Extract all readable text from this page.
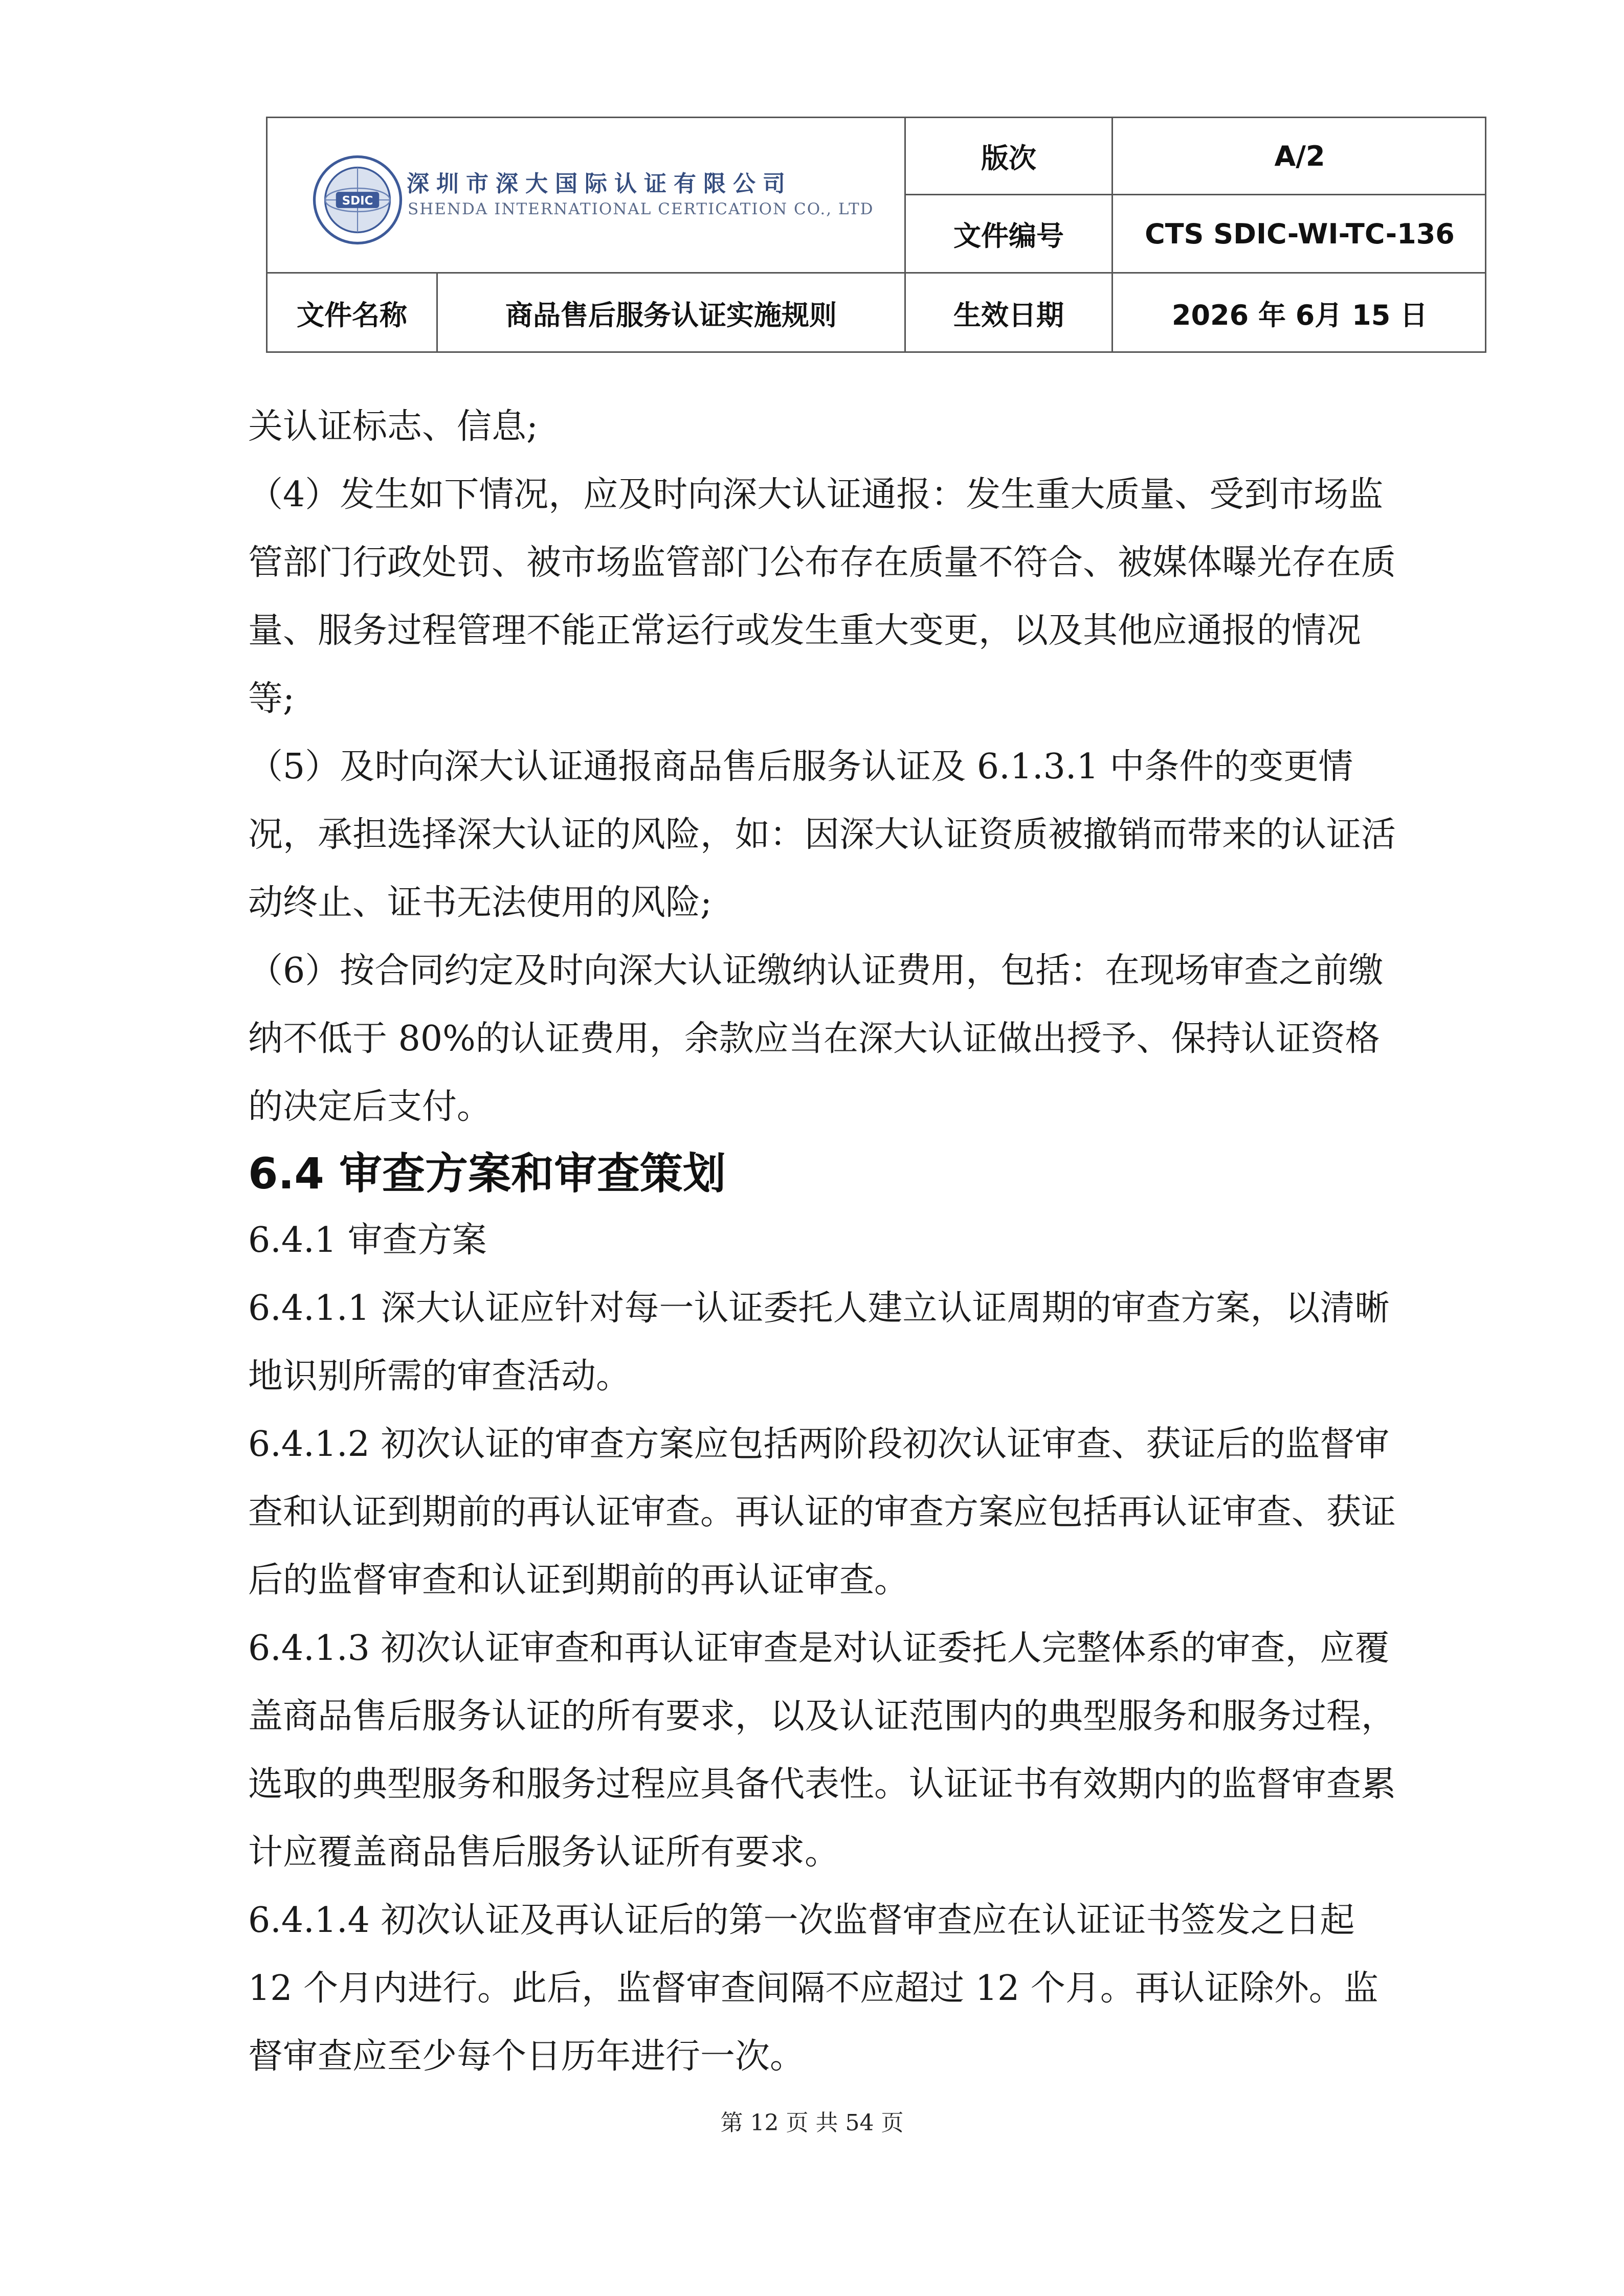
SDIC
深圳市深大国际认证有限公司
SHENDA INTERNATIONAL CERTICATION CO., LTD
版次	A/2
文件编号	CTS SDIC-WI-TC-136
文件名称	商品售后服务认证实施规则	生效日期	2026 年 6月 15 日

关认证标志、信息;

（4）发生如下情况，应及时向深大认证通报：发生重大质量、受到市场监管部门行政处罚、被市场监管部门公布存在质量不符合、被媒体曝光存在质量、服务过程管理不能正常运行或发生重大变更，以及其他应通报的情况等;

（5）及时向深大认证通报商品售后服务认证及 6.1.3.1 中条件的变更情况，承担选择深大认证的风险，如：因深大认证资质被撤销而带来的认证活动终止、证书无法使用的风险;

（6）按合同约定及时向深大认证缴纳认证费用，包括：在现场审查之前缴纳不低于 80%的认证费用，余款应当在深大认证做出授予、保持认证资格的决定后支付。

6.4 审查方案和审查策划

6.4.1 审查方案

6.4.1.1 深大认证应针对每一认证委托人建立认证周期的审查方案，以清晰地识别所需的审查活动。

6.4.1.2 初次认证的审查方案应包括两阶段初次认证审查、获证后的监督审查和认证到期前的再认证审查。再认证的审查方案应包括再认证审查、获证后的监督审查和认证到期前的再认证审查。

6.4.1.3 初次认证审查和再认证审查是对认证委托人完整体系的审查，应覆盖商品售后服务认证的所有要求，以及认证范围内的典型服务和服务过程，选取的典型服务和服务过程应具备代表性。认证证书有效期内的监督审查累计应覆盖商品售后服务认证所有要求。

6.4.1.4 初次认证及再认证后的第一次监督审查应在认证证书签发之日起 12 个月内进行。此后，监督审查间隔不应超过 12 个月。再认证除外。监督审查应至少每个日历年进行一次。

第 12 页 共 54 页
